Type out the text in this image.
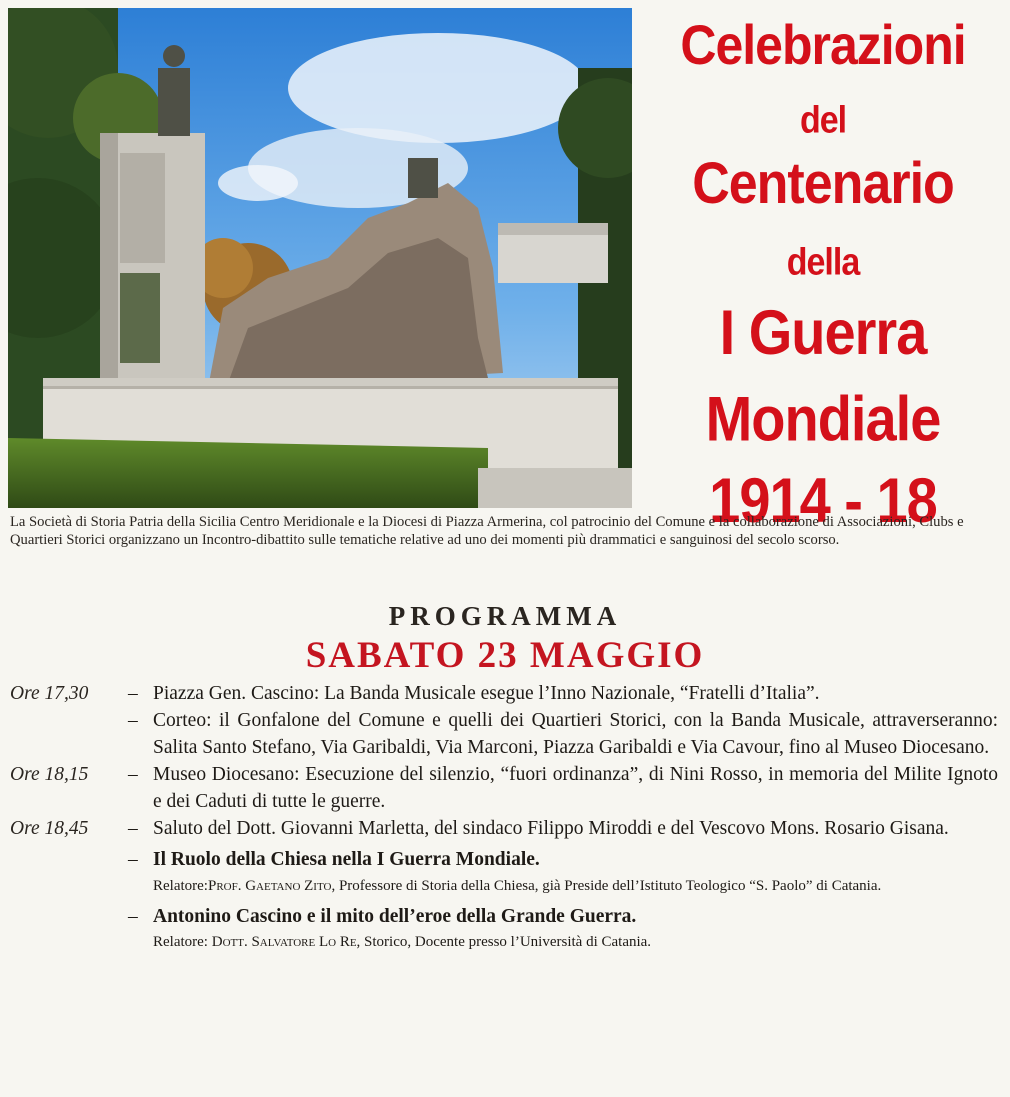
Celebrazioni
del
Centenario
della
I Guerra
Mondiale
1914 - 18
La Società di Storia Patria della Sicilia Centro Meridionale e la Diocesi di Piazza Armerina, col patrocinio del Comune e la collaborazione di Associazioni, Clubs e Quartieri Storici organizzano un Incontro-dibattito sulle tematiche relative ad uno dei momenti più drammatici e sanguinosi del secolo scorso.
PROGRAMMA
SABATO 23 MAGGIO
Ore 17,30	– Piazza Gen. Cascino: La Banda Musicale esegue l’Inno Nazionale, “Fratelli d’Italia”.
– Corteo: il Gonfalone del Comune e quelli dei Quartieri Storici, con la Banda Musicale, attraverseranno: Salita Santo Stefano, Via Garibaldi, Via Marconi, Piazza Garibaldi e Via Cavour, fino al Museo Diocesano.
Ore 18,15	– Museo Diocesano: Esecuzione del silenzio, “fuori ordinanza”, di Nini Rosso, in memoria del Milite Ignoto e dei Caduti di tutte le guerre.
Ore 18,45	– Saluto del Dott. Giovanni Marletta, del sindaco Filippo Miroddi e del Vescovo Mons. Rosario Gisana.
– Il Ruolo della Chiesa nella I Guerra Mondiale.
Relatore:Prof. Gaetano Zito, Professore di Storia della Chiesa, già Preside dell’Istituto Teologico “S. Paolo” di Catania.
– Antonino Cascino e il mito dell’eroe della Grande Guerra.
Relatore: Dott. Salvatore Lo Re, Storico, Docente presso l’Università di Catania.
